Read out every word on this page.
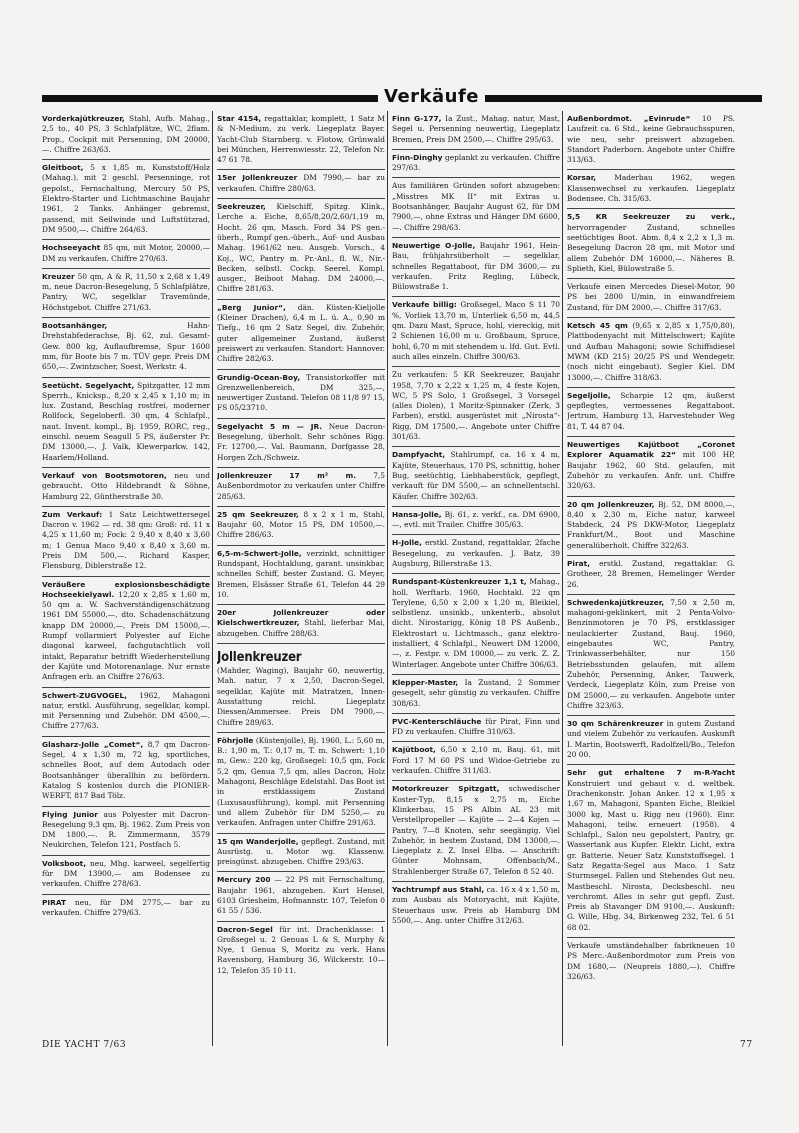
Verkäufe

Vorderkajütkreuzer, Stahl, Aufb. Mahag., 2,5 to., 40 PS, 3 Schlafplätze, WC, 2flam. Prop., Cockpit mit Persenning, DM 20000,—. Chiffre 263/63.

Gleitboot, 5 x 1,85 m, Kunststoff/Holz (Mahag.), mit 2 geschl. Persenninge, rot gepolst., Fernschaltung, Mercury 50 PS, Elektro-Starter und Lichtmaschine Baujahr 1961, 2 Tanks. Anhänger gebremst, passend, mit Seilwinde und Luftstützrad, DM 9500,—. Chiffre 264/63.

Hochseeyacht 85 qm, mit Motor, 20000,— DM zu verkaufen. Chiffre 270/63.

Kreuzer 50 qm, A & R, 11,50 x 2,68 x 1,49 m, neue Dacron-Besegelung, 5 Schlafplätze, Pantry, WC, segelklar Travemünde, Höchstgebot. Chiffre 271/63.

Bootsanhänger, Hahn-Drehstabfederachse, Bj. 62, zul. Gesamt-Gew. 800 kg, Auflaufbremse, Spur 1600 mm, für Boote bis 7 m. TÜV gepr. Preis DM 650,—. Zwintzscher, Soest, Werkstr. 4.

Seetücht. Segelyacht, Spitzgatter, 12 mm Sperrh., Knicksp., 8,20 x 2,45 x 1,10 m; in lux. Zustand, Beschlag rostfrei, moderner Rollfock, Segeloberfl. 30 qm, 4 Schlafpl., naut. Invent. kompl., Bj. 1959, RORC, reg., einschl. neuem Seagull 5 PS, äußerster Pr. DM 13000,—. J. Valk, Klewerparkw. 142, Haarlem/Holland.

Verkauf von Bootsmotoren, neu und gebraucht. Otto Hildebrandt & Söhne, Hamburg 22, Güntherstraße 30.

Zum Verkauf: 1 Satz Leichtwettersegel Dacron v. 1962 — rd. 38 qm: Groß: rd. 11 x 4,25 x 11,60 m; Fock: 2 9,40 x 8,40 x 3,60 m; 1 Genua Maco 9,40 x 8,40 x 3,60 m. Preis DM 500,—. Richard Kasper, Flensburg, Diblerstraße 12.

Veräußere explosionsbeschädigte Hochseekielyawl. 12,20 x 2,85 x 1,60 m, 50 qm a. W. Sachverständigenschätzung 1961 DM 55000,—, dto. Schadenschätzung knapp DM 20000,—, Preis DM 15000,—. Rumpf vollarmiert Polyester auf Eiche diagonal karweel, fachgutachtlich voll intakt, Reparatur betrifft Wiederherstellung der Kajüte und Motorenanlage. Nur ernste Anfragen erb. an Chiffre 276/63.

Schwert-ZUGVOGEL, 1962, Mahagoni natur, erstkl. Ausführung, segelklar, kompl. mit Persenning und Zubehör. DM 4500,—. Chiffre 277/63.

Glasharz-Jolle „Comet“, 8,7 qm Dacron-Segel, 4 x 1,30 m, 72 kg, sportliches, schnelles Boot, auf dem Autodach oder Bootsanhänger überallhin zu befördern. Katalog S kostenlos durch die PIONIER-WERFT, 817 Bad Tölz.

Flying Junior aus Polyester mit Dacron-Besegelung 9,3 qm, Bj. 1962. Zum Preis von DM 1800,—. R. Zimmermann, 3579 Neukirchen, Telefon 121, Postfach 5.

Volksboot, neu, Mhg. karweel, segelfertig für DM 13900,— am Bodensee zu verkaufen. Chiffre 278/63.

PIRAT neu, für DM 2775,— bar zu verkaufen. Chiffre 279/63.

Star 4154, regattaklar, komplett, 1 Satz M & N-Medium, zu verk. Liegeplatz Bayer. Yacht-Club Starnberg. v. Flotow, Grünwald bei München, Herrenwiesstr. 22, Telefon Nr. 47 61 78.

15er Jollenkreuzer DM 7990,— bar zu verkaufen. Chiffre 280/63.

Seekreuzer, Kielschiff, Spitzg. Klink., Lerche a. Eiche, 8,65/8,20/2,60/1,19 m, Hocht. 26 qm, Masch. Ford 34 PS gen.-überh., Rumpf gen.-überh., Auf- und Ausbau Mahag. 1961/62 neu. Ausgeb. Vorsch., 4 Koj., WC, Pantry m. Pr.-Anl., fl. W., Nir.-Becken, selbstl. Cockp. Seerel. Kompl. ausger., Beiboot Mahag. DM 24000,—. Chiffre 281/63.

„Berg Junior“, dän. Küsten-Kieljolle (Kleiner Drachen), 6,4 m L. ü. A., 0,90 m Tiefg., 16 qm 2 Satz Segel, div. Zubehör, guter allgemeiner Zustand, äußerst preiswert zu verkaufen. Standort: Hannover. Chiffre 282/63.

Grundig-Ocean-Boy, Transistorkoffer mit Grenzwellenbereich, DM 325,—, neuwertiger Zustand. Telefon 08 11/8 97 15, FS 05/23710.

Segelyacht 5 m — JR. Neue Dacron-Besegelung, überholt. Sehr schönes Rigg. Fr. 12700,—. Val. Baumann, Dorfgasse 28, Horgen Zch./Schweiz.

Jollenkreuzer 17 m² m. 7,5 Außenbordmotor zu verkaufen unter Chiffre 285/63.

25 qm Seekreuzer, 8 x 2 x 1 m, Stahl, Baujahr 60, Motor 15 PS, DM 10500,—. Chiffre 286/63.

6,5-m-Schwert-Jolle, verzinkt, schnittiger Rundspant, Hochtaklung, garant. unsinkbar, schnelles Schiff, bester Zustand. G. Meyer, Bremen, Elsässer Straße 61, Telefon 44 29 10.

20er Jollenkreuzer oder Kielschwertkreuzer, Stahl, lieferbar Mai, abzugeben. Chiffre 288/63.

Jollenkreuzer

(Mahder, Waging), Baujahr 60, neuwertig, Mah. natur, 7 x 2,50, Dacron-Segel, segelklar, Kajüte mit Matratzen, Innen-Ausstattung reichl. Liegeplatz Diessen/Ammersee. Preis DM 7900,—. Chiffre 289/63.

Föhrjolle (Küstenjolle), Bj. 1960, L.: 5,60 m, B.: 1,90 m, T.: 0,17 m, T. m. Schwert: 1,10 m, Gew.: 220 kg, Großsegel: 10,5 qm, Fock 5,2 qm, Genua 7,5 qm, alles Dacron, Holz Mahagoni, Beschläge Edelstahl. Das Boot ist in erstklassigem Zustand (Luxusausführung), kompl. mit Persenning und allem Zubehör für DM 5250,— zu verkaufen. Anfragen unter Chiffre 291/63.

15 qm Wanderjolle, gepflegt. Zustand, mit Ausrüstg. u. Motor wg. Klassenw. preisgünst. abzugeben. Chiffre 293/63.

Mercury 200 — 22 PS mit Fernschaltung, Baujahr 1961, abzugeben. Kurt Hensel, 6103 Griesheim, Hofmannstr. 107, Telefon 0 61 55 / 536.

Dacron-Segel für int. Drachenklasse: 1 Großsegel u. 2 Genuas L & S, Murphy & Nye, 1 Genua S, Moritz zu verk. Hans Ravensborg, Hamburg 36, Wilckerstr. 10—12, Telefon 35 10 11.

Finn G-177, Ia Zust., Mahag. natur, Mast, Segel u. Persenning neuwertig, Liegeplatz Bremen, Preis DM 2500,—. Chiffre 295/63.

Finn-Dinghy geplankt zu verkaufen. Chiffre 297/63.

Aus familiären Gründen sofort abzugeben: „Misstres MK II“ mit Extras u. Bootsanhänger, Baujahr August 62, für DM 7900,—, ohne Extras und Hänger DM 6600,—. Chiffre 298/63.

Neuwertige O-Jolle, Baujahr 1961, Hein-Bau, frühjahrsüberholt — segelklar, schnelles Regattaboot, für DM 3600,— zu verkaufen. Fritz Regling, Lübeck, Bülowstraße 1.

Verkaufe billig: Großsegel, Maco S 11 70 %, Vorliek 13,70 m, Unterliek 6,50 m, 44,5 qm. Dazu Mast, Spruce, hohl, viereckig, mit 2 Schienen 16,00 m u. Großbaum, Spruce, hohl, 6,70 m mit stehendem u. lfd. Gut. Evtl. auch alles einzeln. Chiffre 300/63.

Zu verkaufen: 5 KR Seekreuzer, Baujahr 1958, 7,70 x 2,22 x 1,25 m, 4 feste Kojen, WC, 5 PS Solo, 1 Großsegel, 3 Vorsegel (alles Diolen), 1 Moritz-Spinnaker (Zerk, 3 Farben), erstkl. ausgerüstet mit „Nirosta“-Rigg, DM 17500,—. Angebote unter Chiffre 301/63.

Dampfyacht, Stahlrumpf, ca. 16 x 4 m, Kajüte, Steuerhaus, 170 PS, schnittig, hoher Bug, seetüchtig, Liebhaberstück, gepflegt, verkauft für DM 5500,— an schnellentschl. Käufer. Chiffre 302/63.

Hansa-Jolle, Bj. 61, z. verkf., ca. DM 6900,—, evtl. mit Trailer. Chiffre 305/63.

H-Jolle, erstkl. Zustand, regattaklar, 2fache Besegelung, zu verkaufen. J. Batz, 39 Augsburg, Billerstraße 13.

Rundspant-Küstenkreuzer 1,1 t, Mahag., holl. Werftarb. 1960, Hochtakl. 22 qm Terylene, 6,50 x 2,00 x 1,20 m, Bleikiel, selbstlenz. unsinkb., unkenterb., absolut dicht. Nirostarigg, König 18 PS Außenb., Elektrostart u. Lichtmasch., ganz elektro-installiert, 4 Schlafpl., Neuwert DM 12000,—, z. Festpr. v. DM 10000,— zu verk. Z. Z. Winterlager. Angebote unter Chiffre 306/63.

Klepper-Master, Ia Zustand, 2 Sommer gesegelt, sehr günstig zu verkaufen. Chiffre 308/63.

PVC-Kenterschläuche für Pirat, Finn und FD zu verkaufen. Chiffre 310/63.

Kajütboot, 6,50 x 2,10 m, Bauj. 61, mit Ford 17 M 60 PS und Widoe-Getriebe zu verkaufen. Chiffre 311/63.

Motorkreuzer Spitzgatt, schwedischer Koster-Typ, 8,15 x 2,75 m, Eiche Klinkerbau, 15 PS Albin AL 23 mit Verstellpropeller — Kajüte — 2—4 Kojen — Pantry, 7—8 Knoten, sehr seegängig. Viel Zubehör, in bestem Zustand, DM 13000,—. Liegeplatz z. Z. Insel Elba. — Anschrift: Günter Mohnsam, Offenbach/M., Strahlenberger Straße 67, Telefon 8 52 40.

Yachtrumpf aus Stahl, ca. 16 x 4 x 1,50 m, zum Ausbau als Motoryacht, mit Kajüte, Steuerhaus usw. Preis ab Hamburg DM 5500,—. Ang. unter Chiffre 312/63.

Außenbordmot. „Evinrude“ 10 PS. Laufzeit ca. 6 Std., keine Gebrauchsspuren, wie neu, sehr preiswert abzugeben. Standort Paderborn. Angebote unter Chiffre 313/63.

Korsar, Maderbau 1962, wegen Klassenwechsel zu verkaufen. Liegeplatz Bodensee. Ch. 315/63.

5,5 KR Seekreuzer zu verk., hervorragender Zustand, schnelles seetüchtiges Boot. Abm. 8,4 x 2,2 x 1,3 m. Besegelung Dacron 28 qm, mit Motor und allem Zubehör DM 16000,—. Näheres B. Splieth, Kiel, Bülowstraße 5.

Verkaufe einen Mercedes Diesel-Motor, 90 PS bei 2800 U/min, in einwandfreiem Zustand, für DM 2000,—. Chiffre 317/63.

Ketsch 45 qm (9,65 x 2,85 x 1,75/0,80), Plattbodenyacht mit Mittelschwert; Kajüte und Aufbau Mahagoni; sowie Schiffsdiesel MWM (KD 215) 20/25 PS und Wendegetr. (noch nicht eingebaut). Segler Kiel. DM 13000,—. Chiffre 318/63.

Segeljolle, Scharpie 12 qm, äußerst gepflegtes, vermessenes Regattaboot. Jertrum, Hamburg 13, Harvestehuder Weg 81, T. 44 87 04.

Neuwertiges Kajütboot „Coronet Explorer Aquamatik 22“ mit 100 HP, Baujahr 1962, 60 Std. gelaufen, mit Zubehör zu verkaufen. Anfr. unt. Chiffre 320/63.

20 qm Jollenkreuzer, Bj. 52, DM 8000,—, 8,40 x 2,30 m, Eiche natur, karweel Stabdeck, 24 PS DKW-Motor, Liegeplatz Frankfurt/M., Boot und Maschine generalüberholt. Chiffre 322/63.

Pirat, erstkl. Zustand, regattaklar. G. Grotheer, 28 Bremen, Hemelinger Werder 26.

Schwedenkajütkreuzer, 7,50 x 2,50 m, mahagoni-geklinkert, mit 2 Penta-Volvo-Benzinmotoren je 70 PS, erstklassiger neulackierter Zustand, Bauj. 1960, eingebautes WC, Pantry, Trinkwasserbehälter, nur 150 Betriebsstunden gelaufen, mit allem Zubehör, Persenning, Anker, Tauwerk, Verdeck, Liegeplatz Köln, zum Preise von DM 25000,— zu verkaufen. Angebote unter Chiffre 323/63.

30 qm Schärenkreuzer in gutem Zustand und vielem Zubehör zu verkaufen. Auskunft I. Martin, Bootswerft, Radolfzell/Bo., Telefon 20 00.

Sehr gut erhaltene 7 m-R-Yacht Konstruiert und gebaut v. d. weltbek. Drachenkonstr. Johan Anker. 12 x 1,95 x 1,67 m, Mahagoni, Spanten Eiche, Bleikiel 3000 kg, Mast u. Rigg neu (1960). Einr. Mahagoni, teilw. erneuert (1958). 4 Schlafpl., Salon neu gepolstert, Pantry, gr. Wassertank aus Kupfer. Elektr. Licht, extra gr. Batterie. Neuer Satz Kunststoffsegel. 1 Satz Regatta-Segel aus Maco. 1 Satz Sturmsegel. Fallen und Stehendes Gut neu. Mastbeschl. Nirosta, Decksbeschl. neu verchromt. Alles in sehr gut gepfl. Zust. Preis ab Stavanger DM 9100,—. Auskunft: G. Wille, Hbg. 34, Birkenweg 232, Tel. 6 51 68 02.

Verkaufe umständehalber fabrikneuen 10 PS Merc.-Außenbordmotor zum Preis von DM 1680,— (Neupreis 1880,—). Chiffre 326/63.

DIE YACHT 7/63	77
